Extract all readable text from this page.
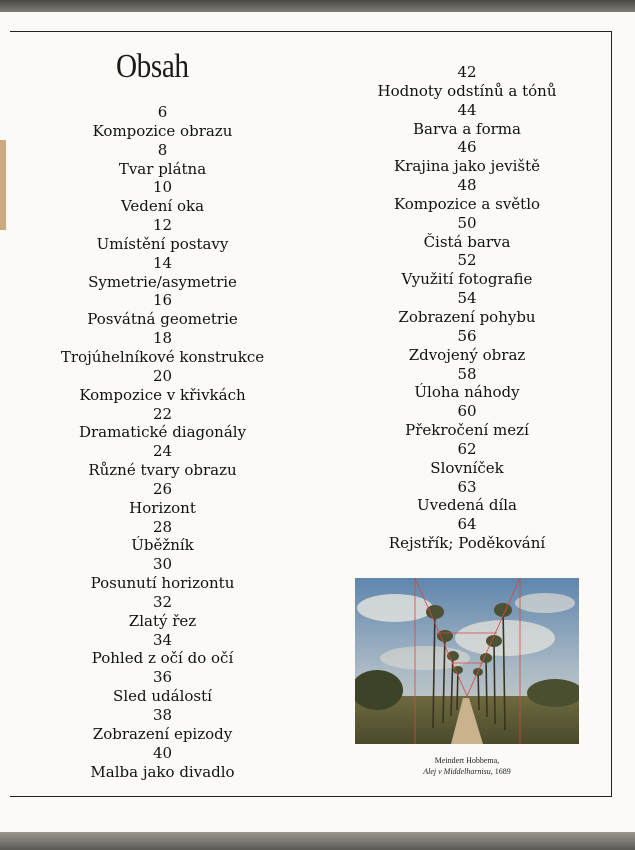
Obsah
6
Kompozice obrazu
8
Tvar plátna
10
Vedení oka
12
Umístění postavy
14
Symetrie/asymetrie
16
Posvátná geometrie
18
Trojúhelníkové konstrukce
20
Kompozice v křivkách
22
Dramatické diagonály
24
Různé tvary obrazu
26
Horizont
28
Úběžník
30
Posunutí horizontu
32
Zlatý řez
34
Pohled z očí do očí
36
Sled událostí
38
Zobrazení epizody
40
Malba jako divadlo
42
Hodnoty odstínů a tónů
44
Barva a forma
46
Krajina jako jeviště
48
Kompozice a světlo
50
Čistá barva
52
Využití fotografie
54
Zobrazení pohybu
56
Zdvojený obraz
58
Úloha náhody
60
Překročení mezí
62
Slovníček
63
Uvedená díla
64
Rejstřík; Poděkování
Meindert Hobbema,
Alej v Middelharnisu, 1689
